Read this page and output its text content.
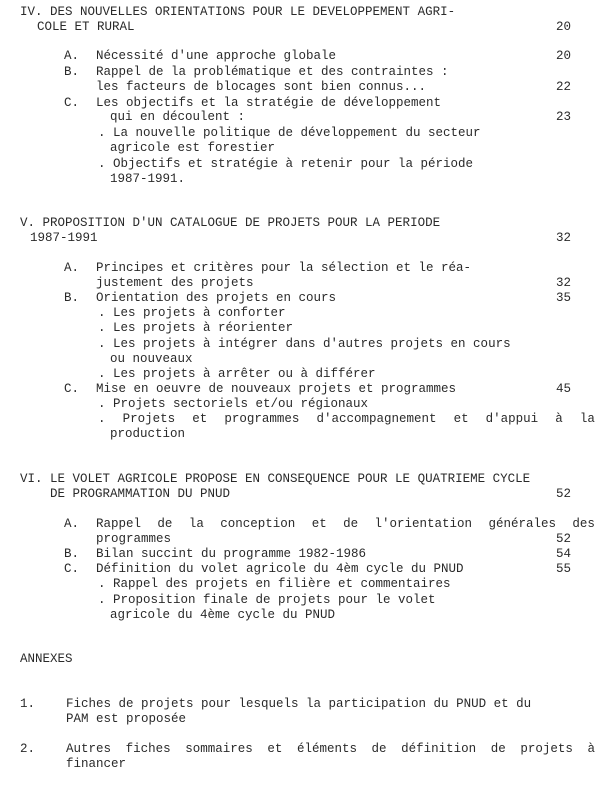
IV. DES NOUVELLES ORIENTATIONS POUR LE DEVELOPPEMENT AGRI-
COLE ET RURAL	20
A. Nécessité d'une approche globale	20
B. Rappel de la problématique et des contraintes :
les facteurs de blocages sont bien connus...	22
C. Les objectifs et la stratégie de développement
qui en découlent :	23
. La nouvelle politique de développement du secteur
agricole est forestier
. Objectifs et stratégie à retenir pour la période
1987-1991.
V. PROPOSITION D'UN CATALOGUE DE PROJETS POUR LA PERIODE
1987-1991	32
A. Principes et critères pour la sélection et le réa-
justement des projets	32
B. Orientation des projets en cours	35
. Les projets à conforter
. Les projets à réorienter
. Les projets à intégrer dans d'autres projets en cours
ou nouveaux
. Les projets à arrêter ou à différer
C. Mise en oeuvre de nouveaux projets et programmes	45
. Projets sectoriels et/ou régionaux
. Projets et programmes d'accompagnement et d'appui à la
production
VI. LE VOLET AGRICOLE PROPOSE EN CONSEQUENCE POUR LE QUATRIEME CYCLE
DE PROGRAMMATION DU PNUD	52
A. Rappel de la conception et de l'orientation générales des
programmes	52
B. Bilan succint du programme 1982-1986	54
C. Définition du volet agricole du 4èm cycle du PNUD	55
. Rappel des projets en filière et commentaires
. Proposition finale de projets pour le volet
agricole du 4ème cycle du PNUD
ANNEXES
1. Fiches de projets pour lesquels la participation du PNUD et du
PAM est proposée
2. Autres fiches sommaires et éléments de définition de projets à
financer
